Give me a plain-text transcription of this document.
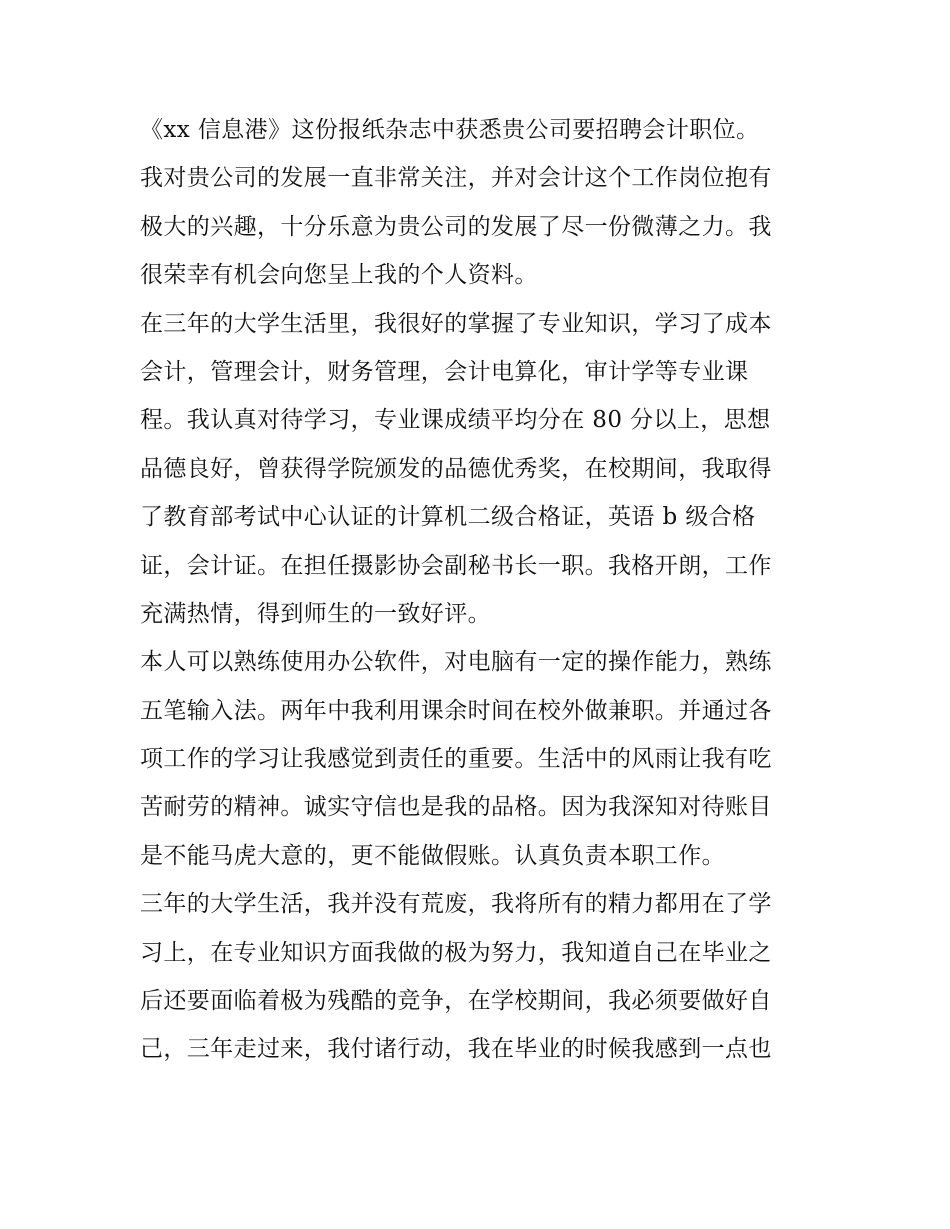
《xx 信息港》这份报纸杂志中获悉贵公司要招聘会计职位。
我对贵公司的发展一直非常关注，并对会计这个工作岗位抱有
极大的兴趣，十分乐意为贵公司的发展了尽一份微薄之力。我
很荣幸有机会向您呈上我的个人资料。
在三年的大学生活里，我很好的掌握了专业知识，学习了成本
会计，管理会计，财务管理，会计电算化，审计学等专业课
程。我认真对待学习，专业课成绩平均分在 80 分以上，思想
品德良好，曾获得学院颁发的品德优秀奖，在校期间，我取得
了教育部考试中心认证的计算机二级合格证，英语 b 级合格
证，会计证。在担任摄影协会副秘书长一职。我格开朗，工作
充满热情，得到师生的一致好评。
本人可以熟练使用办公软件，对电脑有一定的操作能力，熟练
五笔输入法。两年中我利用课余时间在校外做兼职。并通过各
项工作的学习让我感觉到责任的重要。生活中的风雨让我有吃
苦耐劳的精神。诚实守信也是我的品格。因为我深知对待账目
是不能马虎大意的，更不能做假账。认真负责本职工作。
三年的大学生活，我并没有荒废，我将所有的精力都用在了学
习上，在专业知识方面我做的极为努力，我知道自己在毕业之
后还要面临着极为残酷的竞争，在学校期间，我必须要做好自
己，三年走过来，我付诸行动，我在毕业的时候我感到一点也
